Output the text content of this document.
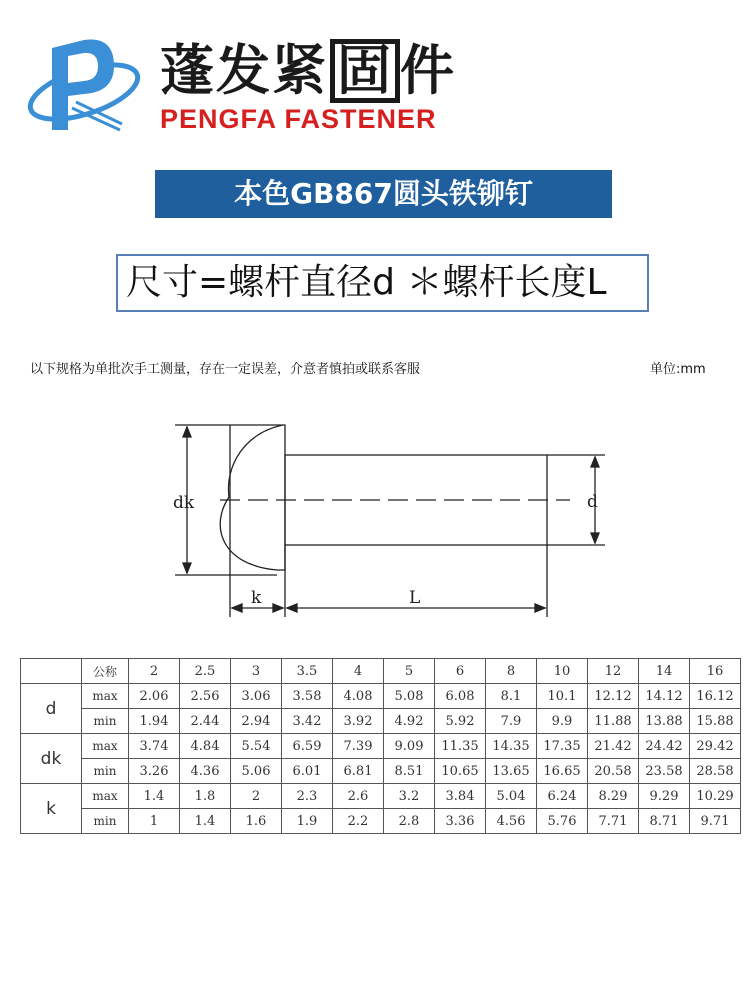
蓬发紧 固 件
PENGFA FASTENER
本色GB867圆头铁铆钉
尺寸=螺杆直径d ＊螺杆长度L
以下规格为单批次手工测量，存在一定误差，介意者慎拍或联系客服	单位:mm
dk	d
k	L
	公称	2	2.5	3	3.5	4	5	6	8	10	12	14	16
d	max	2.06	2.56	3.06	3.58	4.08	5.08	6.08	8.1	10.1	12.12	14.12	16.12
	min	1.94	2.44	2.94	3.42	3.92	4.92	5.92	7.9	9.9	11.88	13.88	15.88
dk	max	3.74	4.84	5.54	6.59	7.39	9.09	11.35	14.35	17.35	21.42	24.42	29.42
	min	3.26	4.36	5.06	6.01	6.81	8.51	10.65	13.65	16.65	20.58	23.58	28.58
k	max	1.4	1.8	2	2.3	2.6	3.2	3.84	5.04	6.24	8.29	9.29	10.29
	min	1	1.4	1.6	1.9	2.2	2.8	3.36	4.56	5.76	7.71	8.71	9.71
